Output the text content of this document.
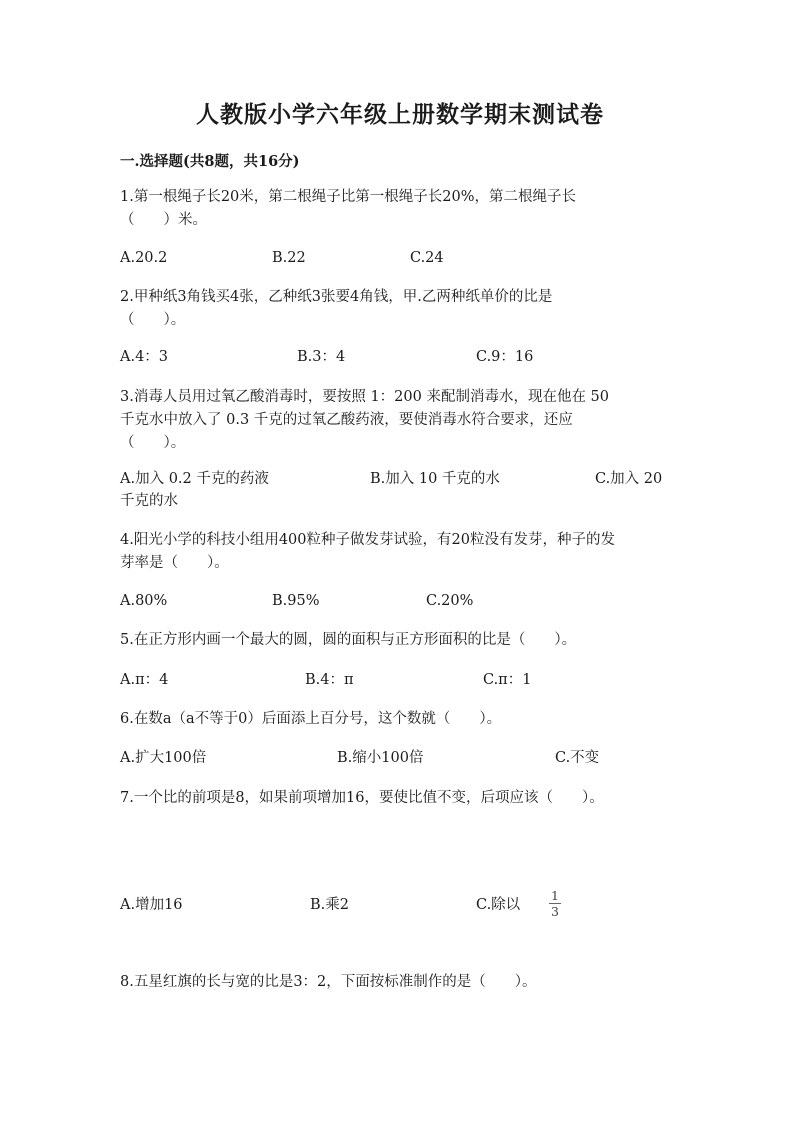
人教版小学六年级上册数学期末测试卷
一.选择题(共8题，共16分)
1.第一根绳子长20米，第二根绳子比第一根绳子长20%，第二根绳子长
（　　）米。
A.20.2	B.22	C.24
2.甲种纸3角钱买4张，乙种纸3张要4角钱，甲.乙两种纸单价的比是
（　　）。
A.4：3	B.3：4	C.9：16
3.消毒人员用过氧乙酸消毒时，要按照 1：200 来配制消毒水，现在他在 50
千克水中放入了 0.3 千克的过氧乙酸药液，要使消毒水符合要求，还应
（　　）。
A.加入 0.2 千克的药液	B.加入 10 千克的水	C.加入 20
千克的水
4.阳光小学的科技小组用400粒种子做发芽试验，有20粒没有发芽，种子的发
芽率是（　　）。
A.80%	B.95%	C.20%
5.在正方形内画一个最大的圆，圆的面积与正方形面积的比是（　　）。
A.π：4	B.4：π	C.π：1
6.在数a（a不等于0）后面添上百分号，这个数就（　　）。
A.扩大100倍	B.缩小100倍	C.不变
7.一个比的前项是8，如果前项增加16，要使比值不变，后项应该（　　）。
A.增加16	B.乘2	C.除以
1
3
8.五星红旗的长与宽的比是3：2，下面按标准制作的是（　　）。
